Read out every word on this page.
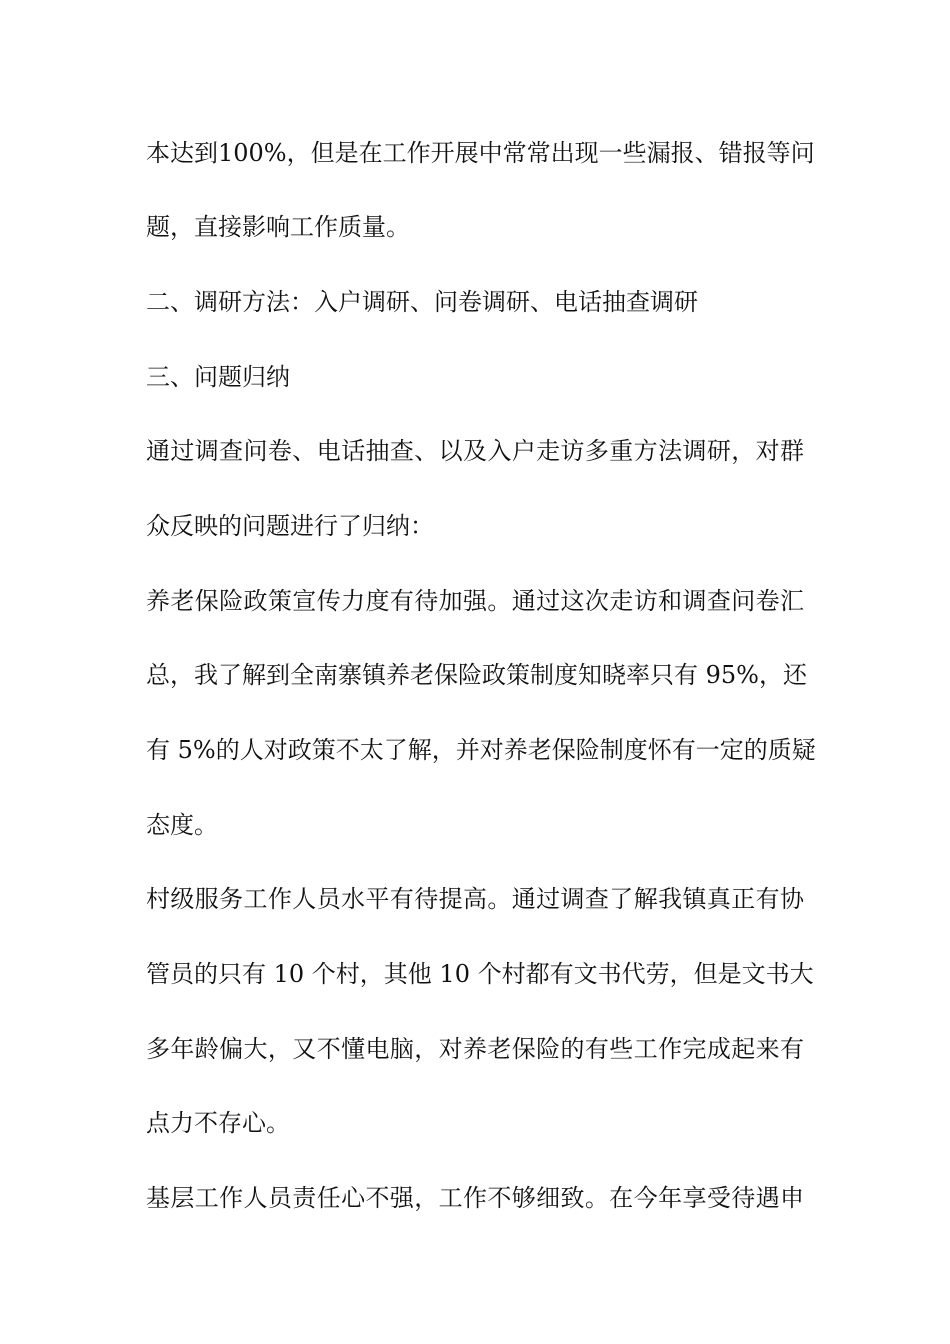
本达到100%，但是在工作开展中常常出现一些漏报、错报等问
题，直接影响工作质量。
二、调研方法：入户调研、问卷调研、电话抽查调研
三、问题归纳
通过调查问卷、电话抽查、以及入户走访多重方法调研，对群
众反映的问题进行了归纳：
养老保险政策宣传力度有待加强。通过这次走访和调查问卷汇
总，我了解到全南寨镇养老保险政策制度知晓率只有 95%，还
有 5%的人对政策不太了解，并对养老保险制度怀有一定的质疑
态度。
村级服务工作人员水平有待提高。通过调查了解我镇真正有协
管员的只有 10 个村，其他 10 个村都有文书代劳，但是文书大
多年龄偏大，又不懂电脑，对养老保险的有些工作完成起来有
点力不存心。
基层工作人员责任心不强，工作不够细致。在今年享受待遇申
